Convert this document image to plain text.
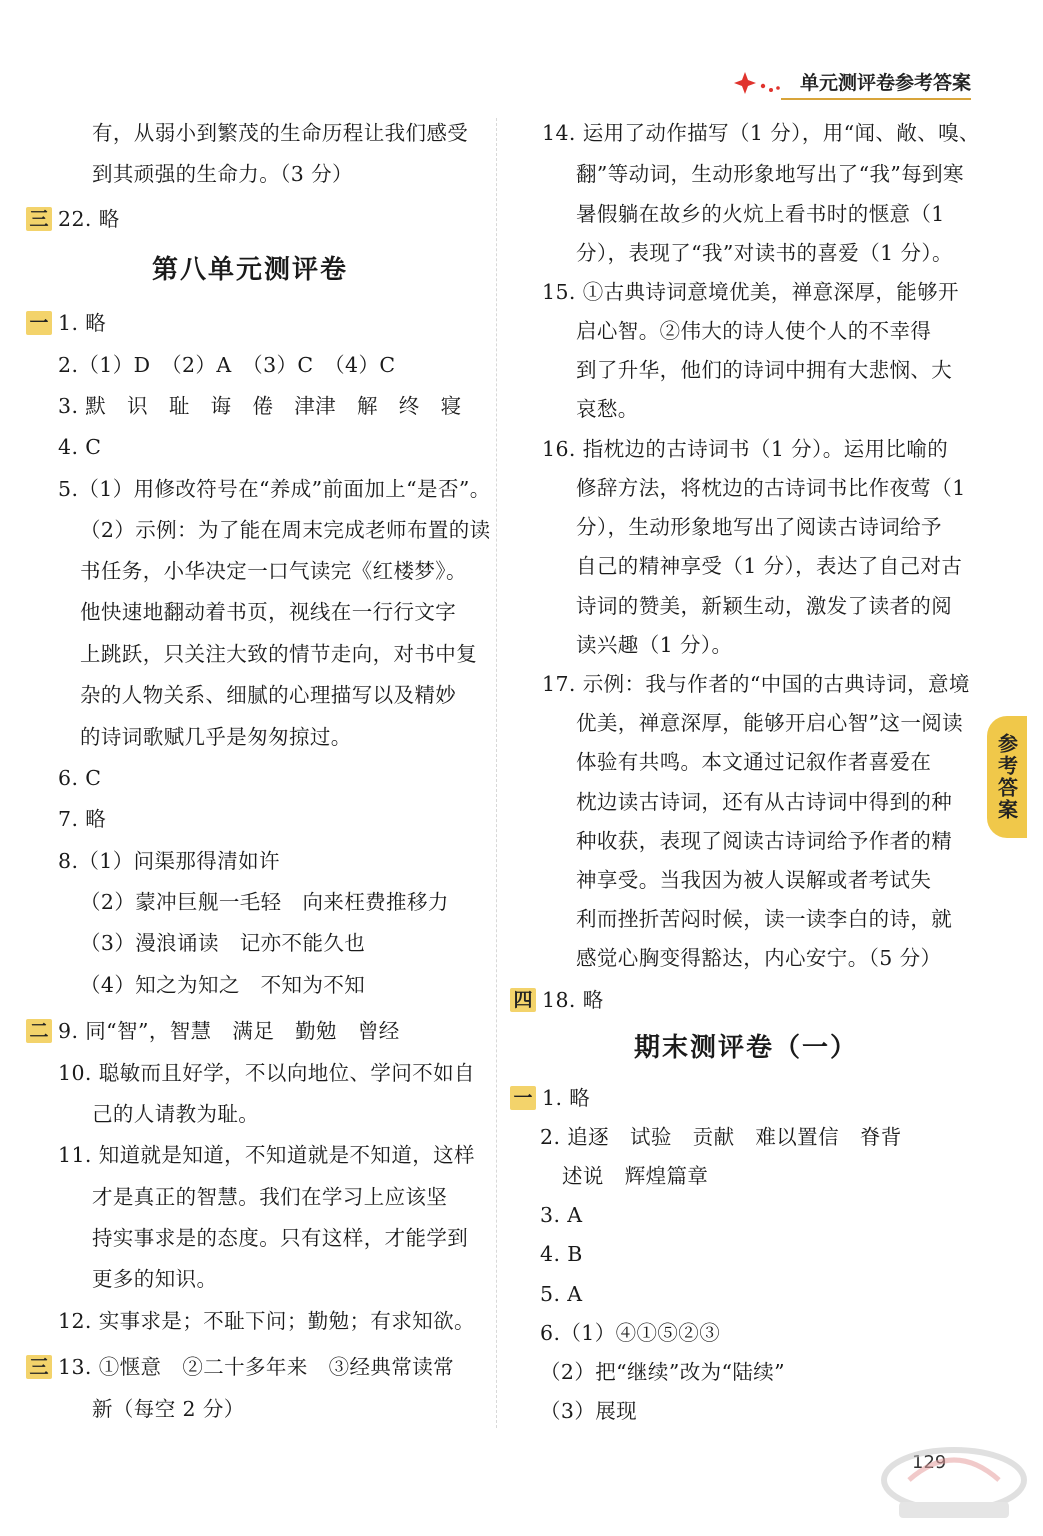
单元测评卷参考答案
有，从弱小到繁茂的生命历程让我们感受
到其顽强的生命力。（3 分）
三 22. 略
第八单元测评卷
一 1. 略
2.（1）D　（2）A　（3）C　（4）C
3. 默　识　耻　诲　倦　津津　解　终　寝
4. C
5.（1）用修改符号在“养成”前面加上“是否”。
（2）示例：为了能在周末完成老师布置的读
书任务，小华决定一口气读完《红楼梦》。
他快速地翻动着书页，视线在一行行文字
上跳跃，只关注大致的情节走向，对书中复
杂的人物关系、细腻的心理描写以及精妙
的诗词歌赋几乎是匆匆掠过。
6. C
7. 略
8.（1）问渠那得清如许
（2）蒙冲巨舰一毛轻　向来枉费推移力
（3）漫浪诵读　记亦不能久也
（4）知之为知之　不知为不知
二 9. 同“智”，智慧　满足　勤勉　曾经
10. 聪敏而且好学，不以向地位、学问不如自
己的人请教为耻。
11. 知道就是知道，不知道就是不知道，这样
才是真正的智慧。我们在学习上应该坚
持实事求是的态度。只有这样，才能学到
更多的知识。
12. 实事求是；不耻下问；勤勉；有求知欲。
三 13. ①惬意　②二十多年来　③经典常读常
新（每空 2 分）
14. 运用了动作描写（1 分），用“闻、敞、嗅、
翻”等动词，生动形象地写出了“我”每到寒
暑假躺在故乡的火炕上看书时的惬意（1
分），表现了“我”对读书的喜爱（1 分）。
15. ①古典诗词意境优美，禅意深厚，能够开
启心智。②伟大的诗人使个人的不幸得
到了升华，他们的诗词中拥有大悲悯、大
哀愁。
16. 指枕边的古诗词书（1 分）。运用比喻的
修辞方法，将枕边的古诗词书比作夜莺（1
分），生动形象地写出了阅读古诗词给予
自己的精神享受（1 分），表达了自己对古
诗词的赞美，新颖生动，激发了读者的阅
读兴趣（1 分）。
17. 示例：我与作者的“中国的古典诗词，意境
优美，禅意深厚，能够开启心智”这一阅读
体验有共鸣。本文通过记叙作者喜爱在
枕边读古诗词，还有从古诗词中得到的种
种收获，表现了阅读古诗词给予作者的精
神享受。当我因为被人误解或者考试失
利而挫折苦闷时候，读一读李白的诗，就
感觉心胸变得豁达，内心安宁。（5 分）
四 18. 略
期末测评卷（一）
一 1. 略
2. 追逐　试验　贡献　难以置信　脊背
述说　辉煌篇章
3. A
4. B
5. A
6.（1）④①⑤②③
（2）把“继续”改为“陆续”
（3）展现
参考答案
129
